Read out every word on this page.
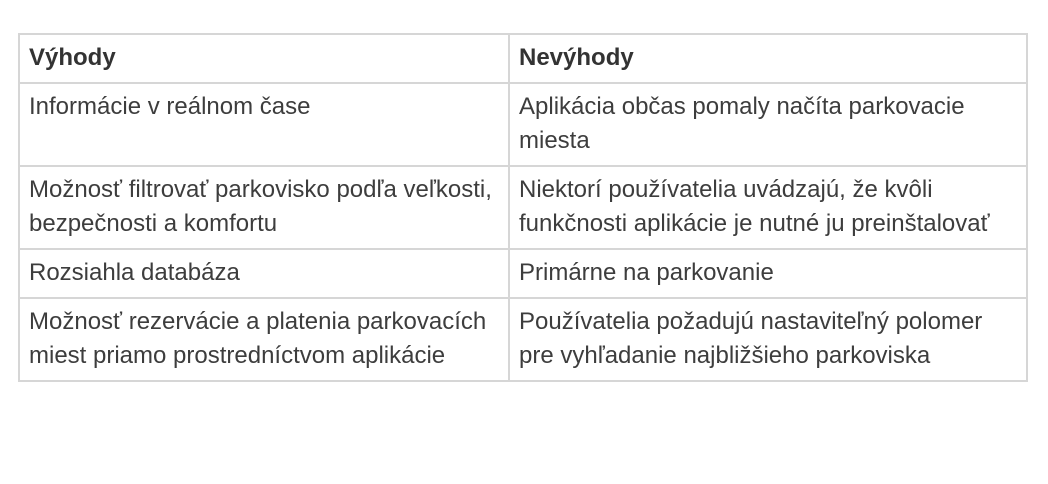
Výhody	Nevýhody
Informácie v reálnom čase	Aplikácia občas pomaly načíta parkovacie miesta
Možnosť filtrovať parkovisko podľa veľkosti, bezpečnosti a komfortu	Niektorí používatelia uvádzajú, že kvôli funkčnosti aplikácie je nutné ju preinštalovať
Rozsiahla databáza	Primárne na parkovanie
Možnosť rezervácie a platenia parkovacích miest priamo prostredníctvom aplikácie	Používatelia požadujú nastaviteľný polomer pre vyhľadanie najbližšieho parkoviska
